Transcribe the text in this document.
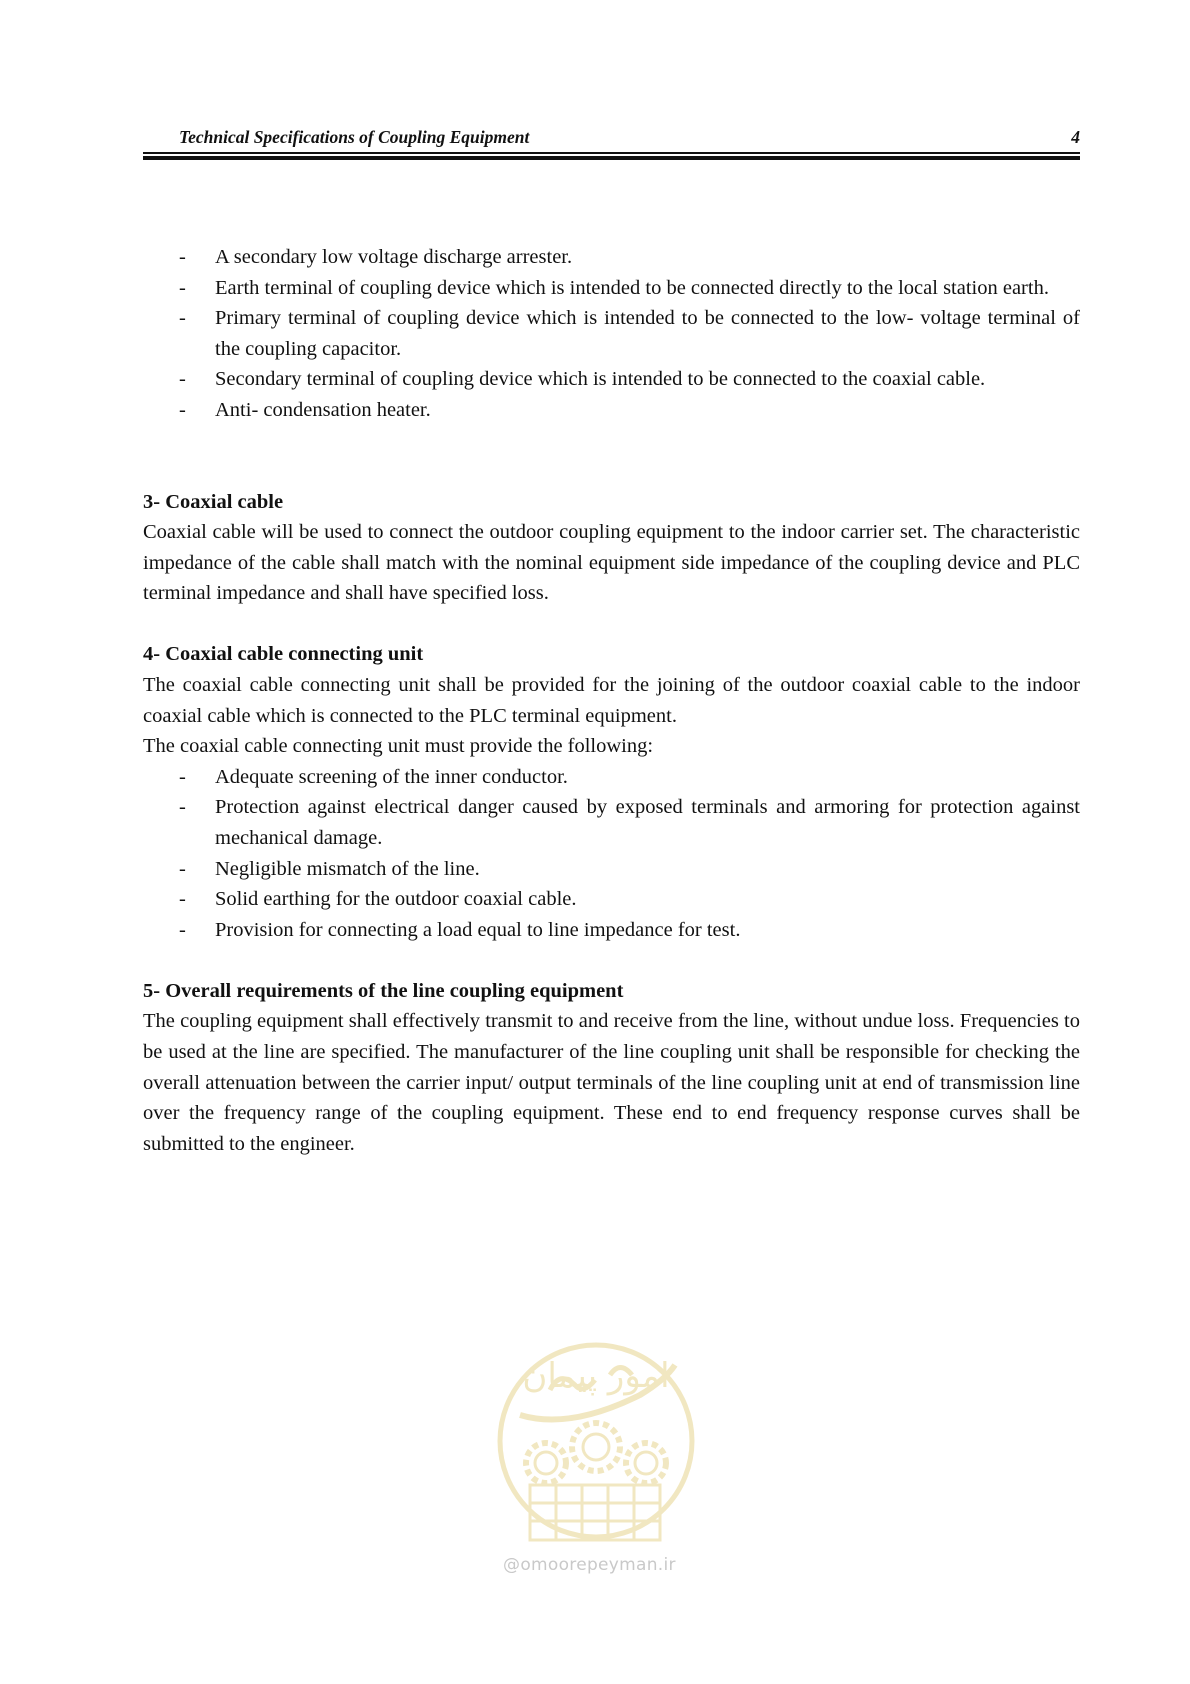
Technical Specifications of Coupling Equipment	4
- A secondary low voltage discharge arrester.
- Earth terminal of coupling device which is intended to be connected directly to the local station earth.
- Primary terminal of coupling device which is intended to be connected to the low- voltage terminal of the coupling capacitor.
- Secondary terminal of coupling device which is intended to be connected to the coaxial cable.
- Anti- condensation heater.

3- Coaxial cable

Coaxial cable will be used to connect the outdoor coupling equipment to the indoor carrier set. The characteristic impedance of the cable shall match with the nominal equipment side impedance of the coupling device and PLC terminal impedance and shall have specified loss.

4- Coaxial cable connecting unit

The coaxial cable connecting unit shall be provided for the joining of the outdoor coaxial cable to the indoor coaxial cable which is connected to the PLC terminal equipment.

The coaxial cable connecting unit must provide the following:

- Adequate screening of the inner conductor.
- Protection against electrical danger caused by exposed terminals and armoring for protection against mechanical damage.
- Negligible mismatch of the line.
- Solid earthing for the outdoor coaxial cable.
- Provision for connecting a load equal to line impedance for test.

5- Overall requirements of the line coupling equipment

The coupling equipment shall effectively transmit to and receive from the line, without undue loss. Frequencies to be used at the line are specified. The manufacturer of the line coupling unit shall be responsible for checking the overall attenuation between the carrier input/ output terminals of the line coupling unit at end of transmission line over the frequency range of the coupling equipment. These end to end frequency response curves shall be submitted to the engineer.

امور پیمان
@omoorepeyman.ir
